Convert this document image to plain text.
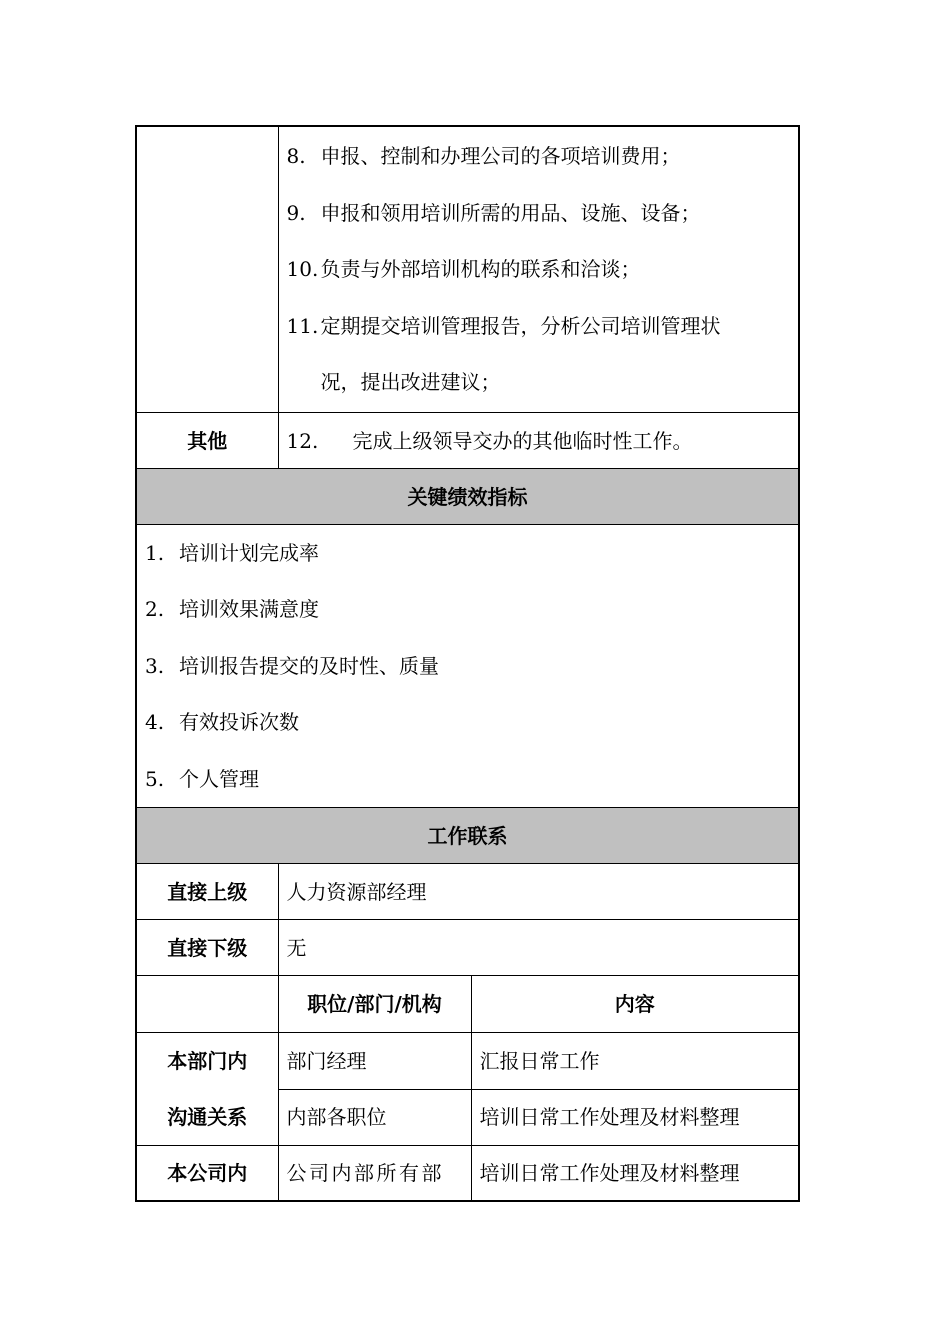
	8. 申报、控制和办理公司的各项培训费用；
9. 申报和领用培训所需的用品、设施、设备；
10. 负责与外部培训机构的联系和洽谈；
11. 定期提交培训管理报告，分析公司培训管理状
况，提出改进建议；	

其他	12. 完成上级领导交办的其他临时性工作。	
关键绩效指标		

1. 培训计划完成率
2. 培训效果满意度
3. 培训报告提交的及时性、质量
4. 有效投诉次数
5. 个人管理		

工作联系		
直接上级	人力资源部经理	
直接下级	无	
	职位/部门/机构	内容

本部门内
沟通关系	部门经理	汇报日常工作
	内部各职位	培训日常工作处理及材料整理
本公司内	公司内部所有部	培训日常工作处理及材料整理
